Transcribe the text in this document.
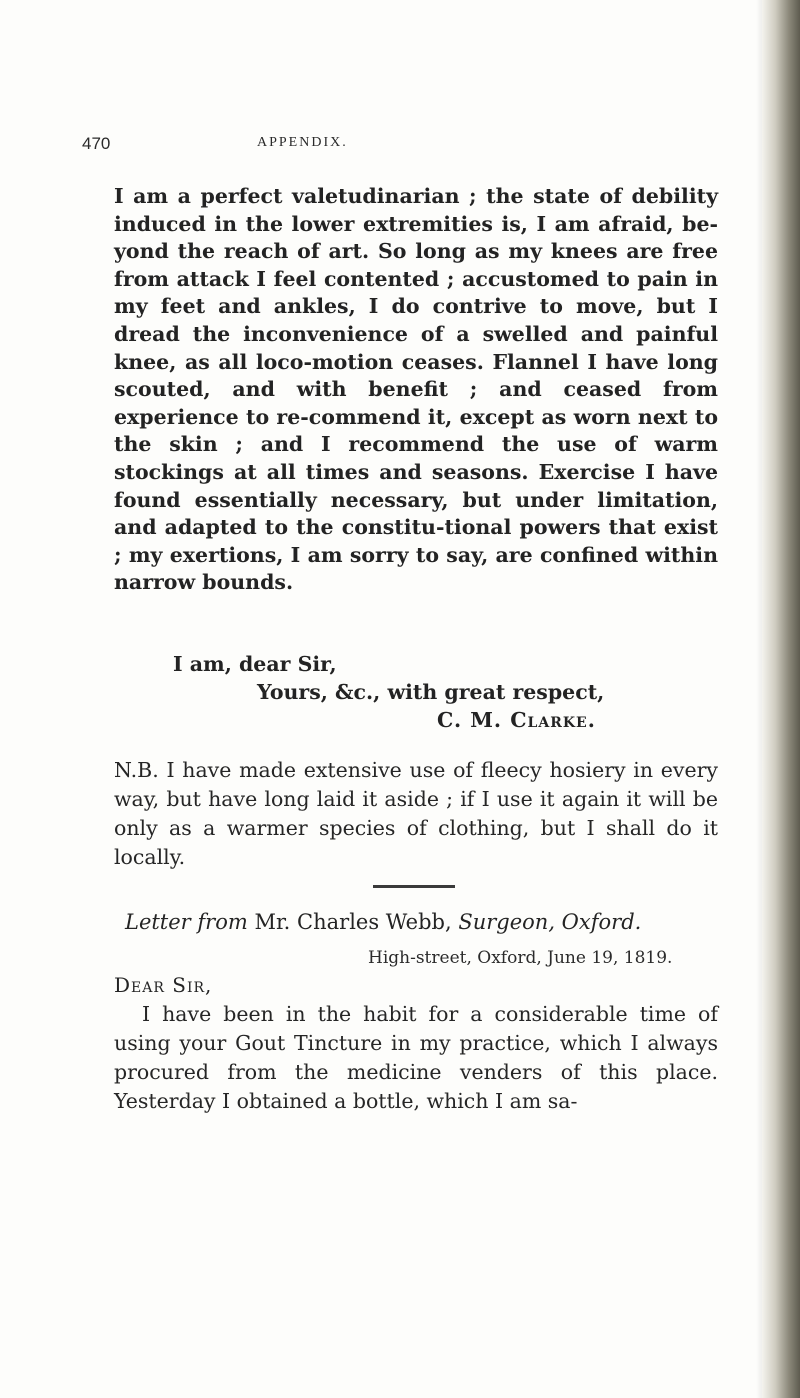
470	APPENDIX.

I am a perfect valetudinarian ; the state of debility induced in the lower extremities is, I am afraid, be-yond the reach of art. So long as my knees are free from attack I feel contented ; accustomed to pain in my feet and ankles, I do contrive to move, but I dread the inconvenience of a swelled and painful knee, as all loco-motion ceases. Flannel I have long scouted, and with benefit ; and ceased from experience to re-commend it, except as worn next to the skin ; and I recommend the use of warm stockings at all times and seasons. Exercise I have found essentially necessary, but under limitation, and adapted to the constitu-tional powers that exist ; my exertions, I am sorry to say, are confined within narrow bounds.

I am, dear Sir,
Yours, &c., with great respect,
C. M. Clarke.

N.B. I have made extensive use of fleecy hosiery in every way, but have long laid it aside ; if I use it again it will be only as a warmer species of clothing, but I shall do it locally.

Letter from Mr. Charles Webb, Surgeon, Oxford.
High-street, Oxford, June 19, 1819.
Dear Sir,

I have been in the habit for a considerable time of using your Gout Tincture in my practice, which I always procured from the medicine venders of this place. Yesterday I obtained a bottle, which I am sa-
